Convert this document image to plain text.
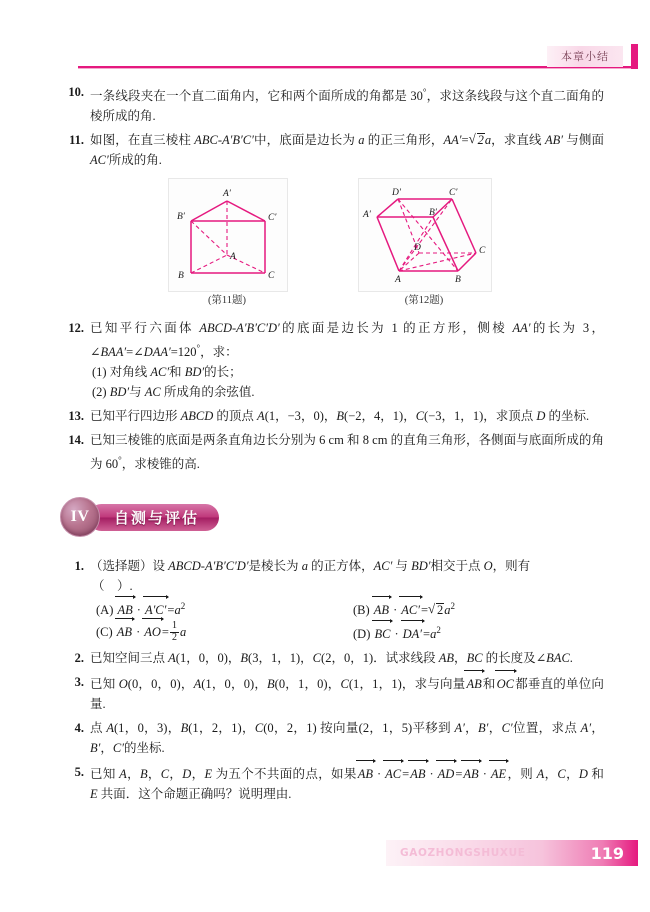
本章小结
10. 一条线段夹在一个直二面角内，它和两个面所成的角都是 30°，求这条线段与这个直二面角的棱所成的角.
11. 如图，在直三棱柱 ABC-A′B′C′中，底面是边长为 a 的正三角形，AA′= √ 2a，求直线 AB′ 与侧面 AC′所成的角.
A′
B′	C′
A
B	C
(第11题)
D′	C′
A′	B′
D	C
A	B
(第12题)
12. 已知平行六面体 ABCD-A′B′C′D′的底面是边长为 1 的正方形，侧棱 AA′的长为 3，∠BAA′=∠DAA′=120°，求：
(1) 对角线 AC′和 BD′的长；
(2) BD′与 AC 所成角的余弦值.
13. 已知平行四边形 ABCD 的顶点 A(1，−3，0)，B(−2，4，1)，C(−3，1，1)，求顶点 D 的坐标.
14. 已知三棱锥的底面是两条直角边长分别为 6 cm 和 8 cm 的直角三角形，各侧面与底面所成的角为 60°，求棱锥的高.
IV	自测与评估
1. （选择题）设 ABCD-A′B′C′D′是棱长为 a 的正方体，AC′ 与 BD′相交于点 O，则有
（    ）.
(A) AB · $A'C'=a^2$	(B) AB · AC′= √ $2a^2$
(C) AB · $AO= \frac{1}{2}$ a	(D) BC · $DA'=a^2$
2. 已知空间三点 A(1，0，0)，B(3，1，1)，C(2，0，1)．试求线段 AB，BC 的长度及∠BAC.
3. 已知 O(0，0，0)，A(1，0，0)，B(0，1，0)，C(1，1，1)，求与向量AB和OC都垂直的单位向量.
4. 点 A(1，0，3)，B(1，2，1)，C(0，2，1) 按向量(2，1，5)平移到 A′，B′，C′位置，求点 A′，B′，C′的坐标.
5. 已知 A，B，C，D，E 为五个不共面的点，如果AB · AC=AB · AD=AB · AE，则 A，C，D 和 E 共面．这个命题正确吗？说明理由.
GAOZHONGSHUXUE	119
